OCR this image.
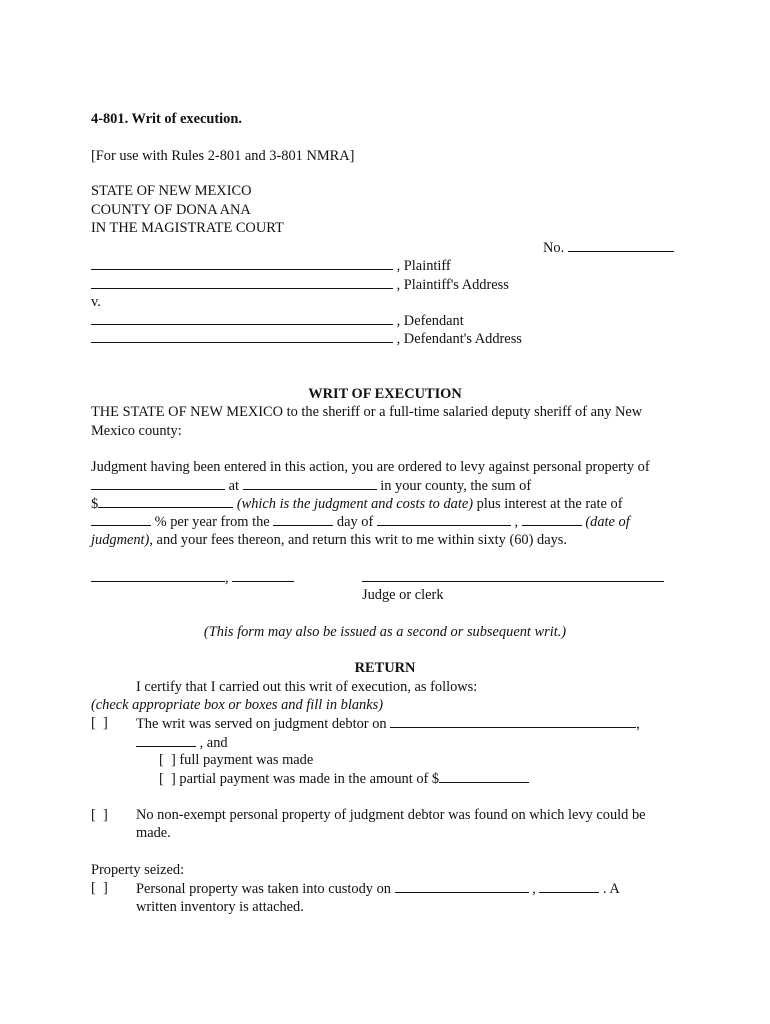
4-801. Writ of execution.
[For use with Rules 2-801 and 3-801 NMRA]
STATE OF NEW MEXICO
COUNTY OF DONA ANA
IN THE MAGISTRATE COURT
No.
, Plaintiff
, Plaintiff's Address
v.
, Defendant
, Defendant's Address
WRIT OF EXECUTION
THE STATE OF NEW MEXICO to the sheriff or a full-time salaried deputy sheriff of any New
Mexico county:
Judgment having been entered in this action, you are ordered to levy against personal property of
at	in your county, the sum of
$	(which is the judgment and costs to date) plus interest at the rate of
% per year from the	day of	,	(date of
judgment), and your fees thereon, and return this writ to me within sixty (60) days.
,
Judge or clerk
(This form may also be issued as a second or subsequent writ.)
RETURN
I certify that I carried out this writ of execution, as follows:
(check appropriate box or boxes and fill in blanks)
[  ] The writ was served on judgment debtor on	,
, and
[  ] full payment was made
[  ] partial payment was made in the amount of $
[  ] No non-exempt personal property of judgment debtor was found on which levy could be
made.
Property seized:
[  ] Personal property was taken into custody on	,	. A
written inventory is attached.
